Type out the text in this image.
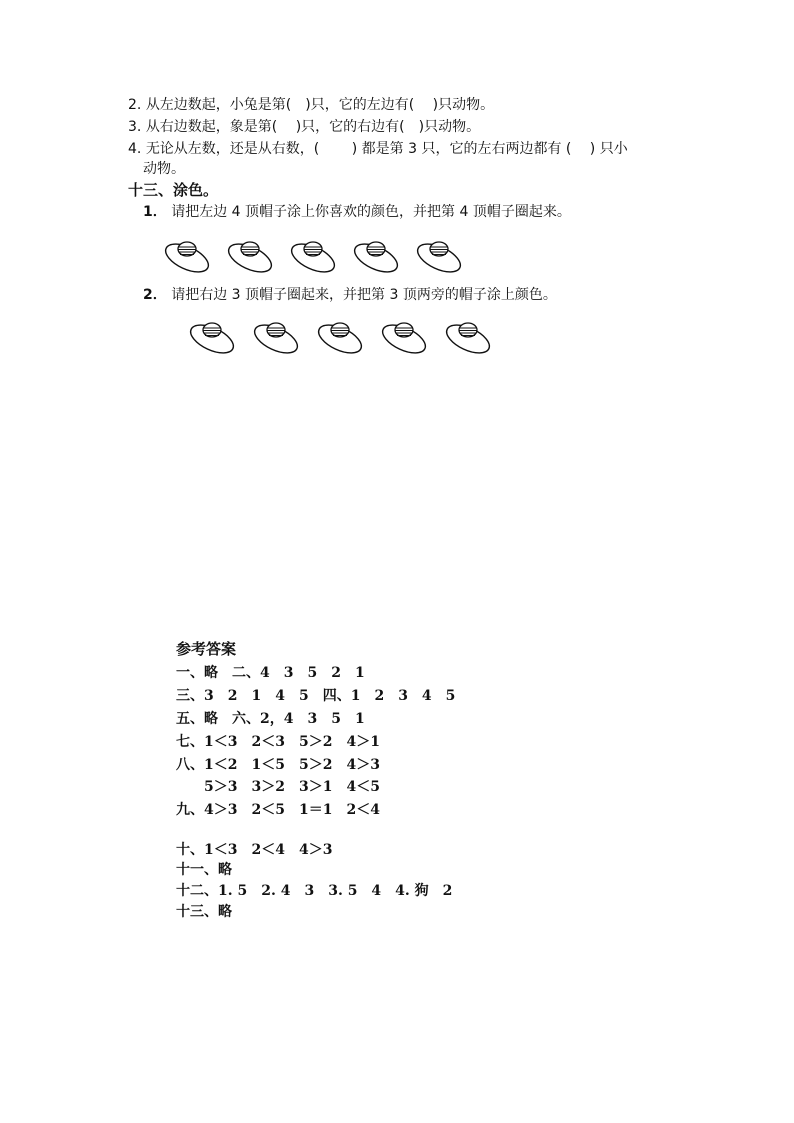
2. 从左边数起，小兔是第(　)只，它的左边有(　 )只动物。
3. 从右边数起，象是第(　 )只，它的右边有(　)只动物。
4. 无论从左数，还是从右数，(　　 ) 都是第 3 只，它的左右两边都有 (　 ) 只小
动物。
十三、涂色。
1． 请把左边 4 顶帽子涂上你喜欢的颜色，并把第 4 顶帽子圈起来。
2． 请把右边 3 顶帽子圈起来，并把第 3 顶两旁的帽子涂上颜色。
参考答案
一、略　二、4　3　5　2　1
三、3　2　1　4　5　四、1　2　3　4　5
五、略　六、2，4　3　5　1
七、1＜3　2＜3　5＞2　4＞1
八、1＜2　1＜5　5＞2　4＞3
　　5＞3　3＞2　3＞1　4＜5
九、4＞3　2＜5　1＝1　2＜4
十、1＜3　2＜4　4＞3
十一、略
十二、1. 5　2. 4　3　3. 5　4　4. 狗　2
十三、略
